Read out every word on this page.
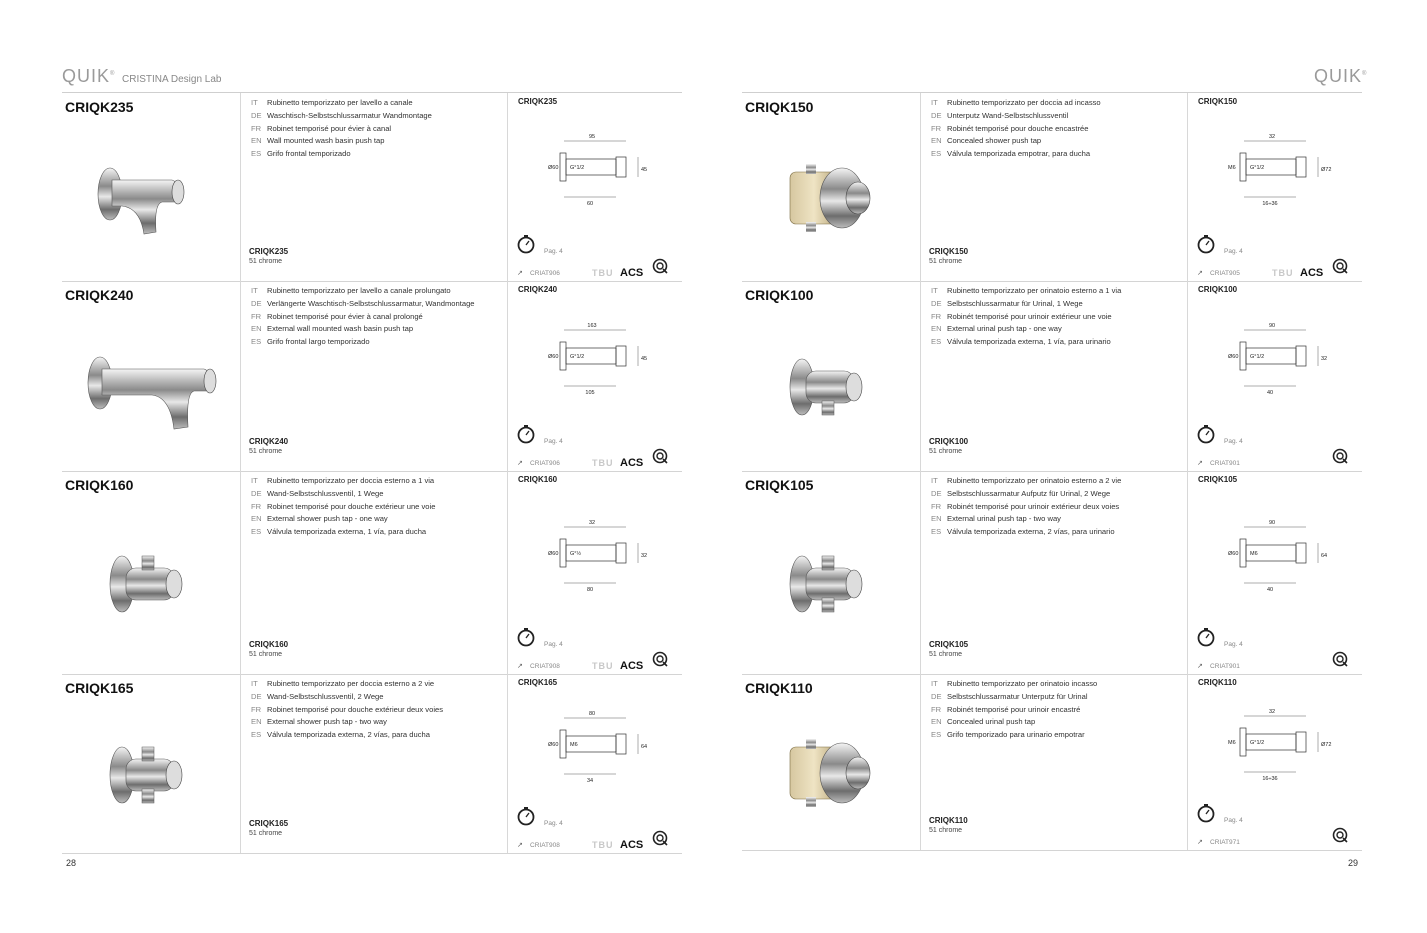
QUIK® CRISTINA Design Lab
CRIQK235	IT Rubinetto temporizzato per lavello a canale
DE Waschtisch-Selbstschlussarmatur Wandmontage
FR Robinet temporisé pour évier à canal
EN Wall mounted wash basin push tap
ES Grifo frontal temporizado
CRIQK235
51 chrome
CRIQK235
95
Ø60 G°1/2	45
60
Pag. 4
↗ CRIAT906	TBU ACS
CRIQK240	IT Rubinetto temporizzato per lavello a canale prolungato
DE Verlängerte Waschtisch-Selbstschlussarmatur, Wandmontage
FR Robinet temporisé pour évier à canal prolongé
EN External wall mounted wash basin push tap
ES Grifo frontal largo temporizado
CRIQK240
51 chrome
CRIQK240
163
Ø60 G°1/2	45
105
Pag. 4
↗ CRIAT906	TBU ACS
CRIQK160	IT Rubinetto temporizzato per doccia esterno a 1 via
DE Wand-Selbstschlussventil, 1 Wege
FR Robinet temporisé pour douche extérieur une voie
EN External shower push tap - one way
ES Válvula temporizada externa, 1 vía, para ducha
CRIQK160
51 chrome
CRIQK160
32
Ø60 G°½	32
80
Pag. 4
↗ CRIAT908	TBU ACS
CRIQK165	IT Rubinetto temporizzato per doccia esterno a 2 vie
DE Wand-Selbstschlussventil, 2 Wege
FR Robinet temporisé pour douche extérieur deux voies
EN External shower push tap - two way
ES Válvula temporizada externa, 2 vías, para ducha
CRIQK165
51 chrome
CRIQK165
80
Ø60 M6	64
34
Pag. 4
↗ CRIAT908	TBU ACS
QUIK®
CRIQK150	IT Rubinetto temporizzato per doccia ad incasso
DE Unterputz Wand-Selbstschlussventil
FR Robinét temporisé pour douche encastrée
EN Concealed shower push tap
ES Válvula temporizada empotrar, para ducha
CRIQK150
51 chrome
CRIQK150
32
M6	G°1/2	Ø72
16÷36
Pag. 4
↗ CRIAT905	TBU ACS
CRIQK100	IT Rubinetto temporizzato per orinatoio esterno a 1 via
DE Selbstschlussarmatur für Urinal, 1 Wege
FR Robinét temporisé pour urinoir extérieur une voie
EN External urinal push tap - one way
ES Válvula temporizada externa, 1 vía, para urinario
CRIQK100
51 chrome
CRIQK100
90
Ø60 G°1/2	32
40
Pag. 4
↗ CRIAT901
CRIQK105	IT Rubinetto temporizzato per orinatoio esterno a 2 vie
DE Selbstschlussarmatur Aufputz für Urinal, 2 Wege
FR Robinét temporisé pour urinoir extérieur deux voies
EN External urinal push tap - two way
ES Válvula temporizada externa, 2 vías, para urinario
CRIQK105
51 chrome
CRIQK105
90
Ø60 M6	64
40
Pag. 4
↗ CRIAT901
CRIQK110	IT Rubinetto temporizzato per orinatoio incasso
DE Selbstschlussarmatur Unterputz für Urinal
FR Robinét temporisé pour urinoir encastré
EN Concealed urinal push tap
ES Grifo temporizado para urinario empotrar
CRIQK110
51 chrome
CRIQK110
32
M6	G°1/2	Ø72
16÷36
Pag. 4
↗ CRIAT971
28	29
